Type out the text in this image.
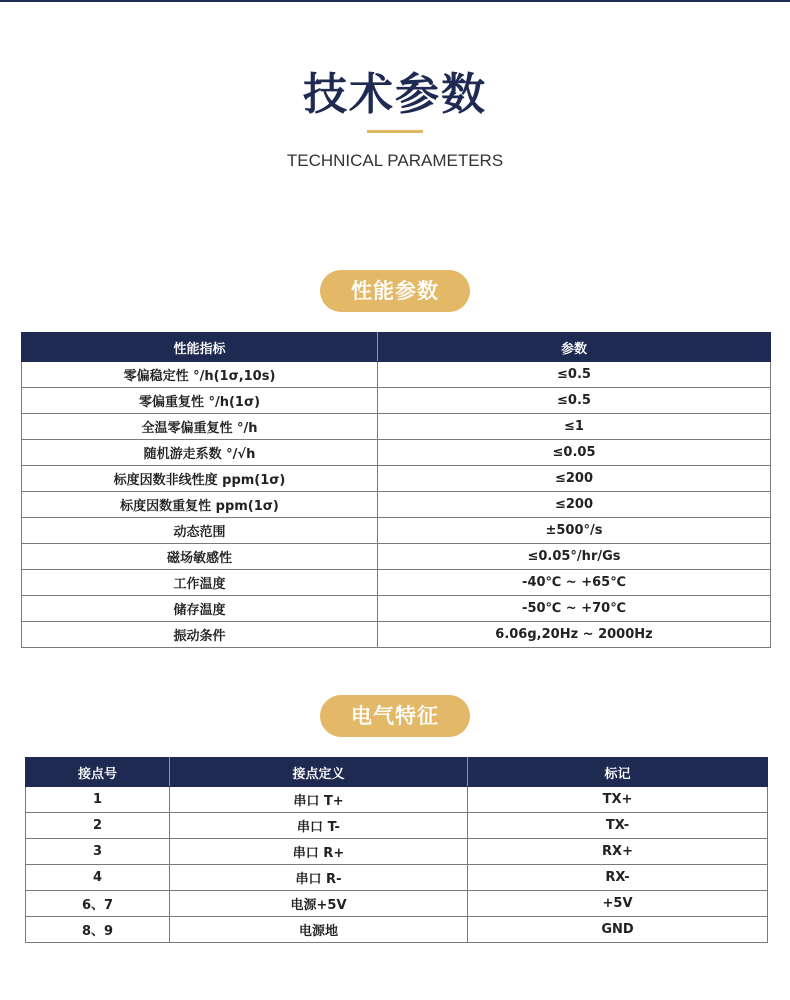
技术参数
TECHNICAL PARAMETERS
性能参数
性能指标	参数
零偏稳定性 °/h(1σ,10s)	≤0.5
零偏重复性 °/h(1σ)	≤0.5
全温零偏重复性 °/h	≤1
随机游走系数 °/√h	≤0.05
标度因数非线性度 ppm(1σ)	≤200
标度因数重复性 ppm(1σ)	≤200
动态范围	±500°/s
磁场敏感性	≤0.05°/hr/Gs
工作温度	-40℃ ~ +65℃
储存温度	-50℃ ~ +70℃
振动条件	6.06g,20Hz ~ 2000Hz
电气特征
接点号	接点定义	标记
1	串口 T+	TX+
2	串口 T-	TX-
3	串口 R+	RX+
4	串口 R-	RX-
6、7	电源+5V	+5V
8、9	电源地	GND
